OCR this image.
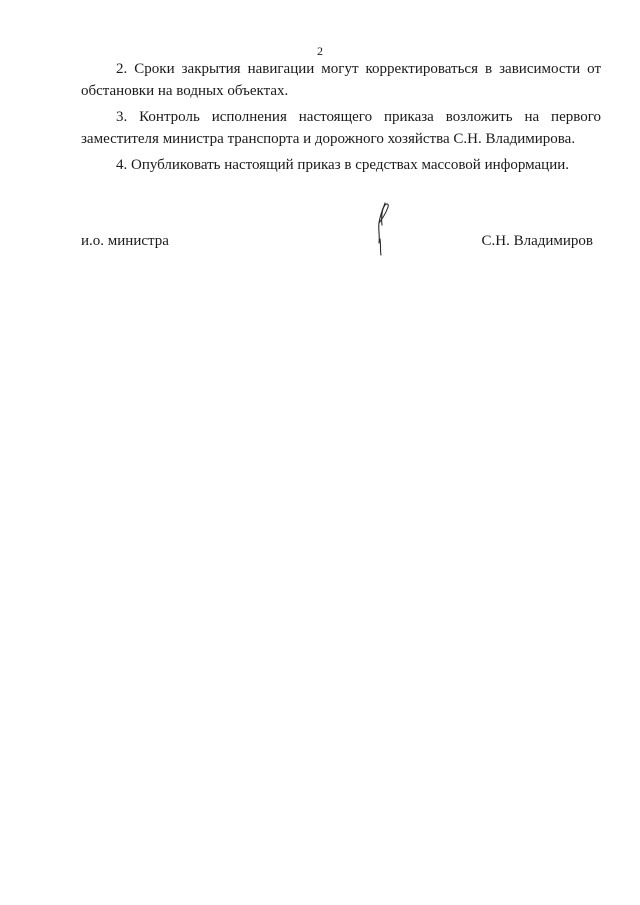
2

2. Сроки закрытия навигации могут корректироваться в зависимости от обстановки на водных объектах.

3. Контроль исполнения настоящего приказа возложить на первого заместителя министра транспорта и дорожного хозяйства С.Н. Владимирова.

4. Опубликовать настоящий приказ в средствах массовой информации.

и.о. министра	С.Н. Владимиров
